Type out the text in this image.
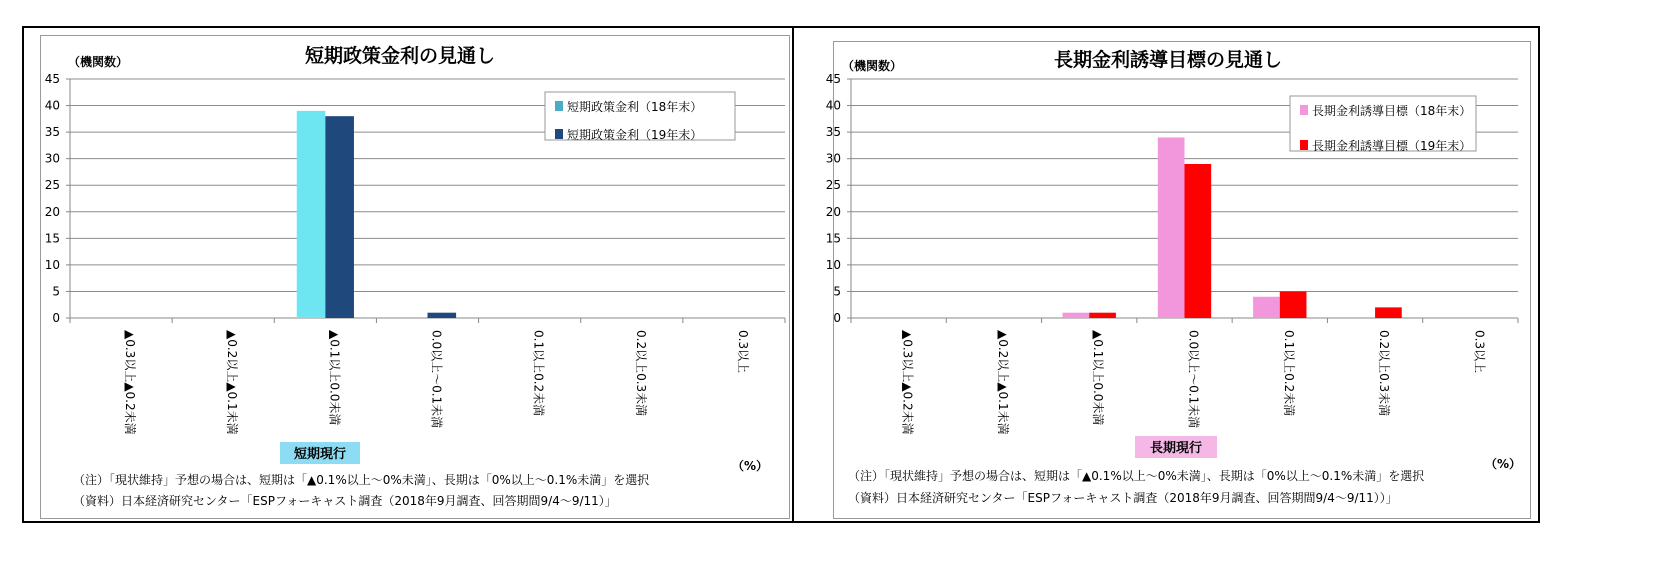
短期政策金利の見通し
（機関数）
0
5
10
15
20
25
30
35
40
45
▲0.3以上▲0.2未満	▲0.2以上▲0.1未満	▲0.1以上0.0未満	0.0以上～0.1未満	0.1以上0.2未満	0.2以上0.3未満	0.3以上
短期現行
（%）
短期政策金利（18年末）
短期政策金利（19年末）
長期金利誘導目標の見通し
（機関数）
0
5
10
15
20
25
30
35
40
45
▲0.3以上▲0.2未満	▲0.2以上▲0.1未満	▲0.1以上0.0未満	0.0以上～0.1未満	0.1以上0.2未満	0.2以上0.3未満	0.3以上
長期現行
（%）
長期金利誘導目標（18年末）
長期金利誘導目標（19年末）
（注）「現状維持」予想の場合は、短期は「▲0.1%以上～0%未満」、長期は「0%以上～0.1%未満」を選択
（資料）日本経済研究センター「ESPフォーキャスト調査（2018年9月調査、回答期間9/4～9/11）」
（注）「現状維持」予想の場合は、短期は「▲0.1%以上～0%未満」、長期は「0%以上～0.1%未満」を選択
（資料）日本経済研究センター「ESPフォーキャスト調査（2018年9月調査、回答期間9/4～9/11））」
